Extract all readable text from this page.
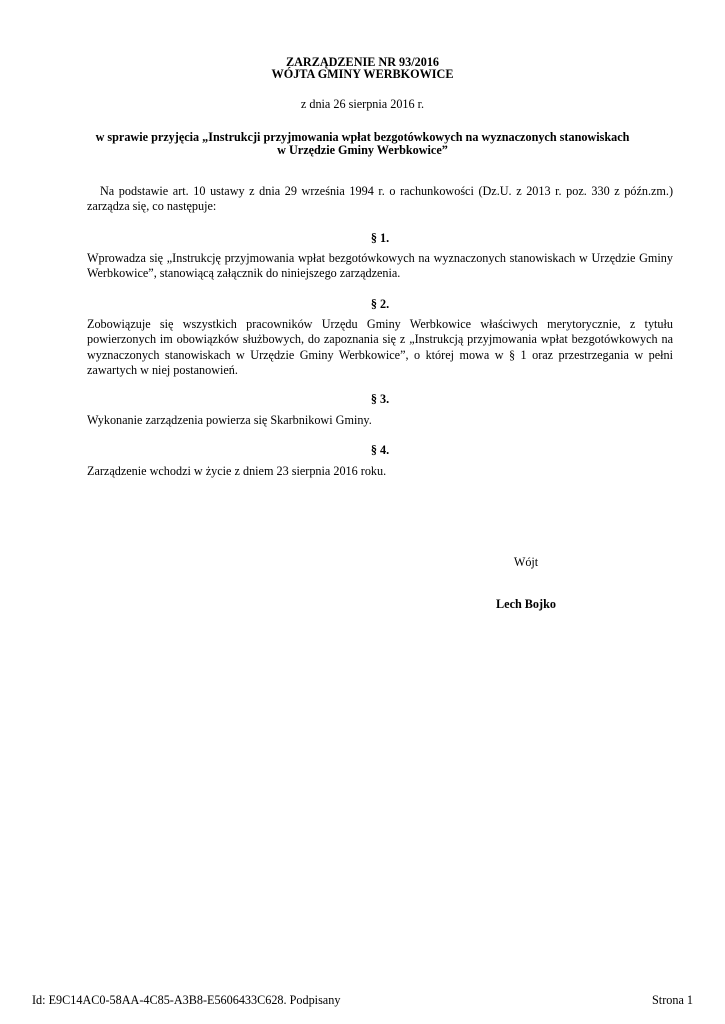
ZARZĄDZENIE NR 93/2016
WÓJTA GMINY WERBKOWICE
z dnia 26 sierpnia 2016 r.
w sprawie przyjęcia „Instrukcji przyjmowania wpłat bezgotówkowych na wyznaczonych stanowiskach
w Urzędzie Gminy Werbkowice”
Na podstawie art. 10 ustawy z dnia 29 września 1994 r. o rachunkowości (Dz.U. z 2013 r. poz. 330 z późn.zm.) zarządza się, co następuje:
§ 1.
Wprowadza się „Instrukcję przyjmowania wpłat bezgotówkowych na wyznaczonych stanowiskach w Urzędzie Gminy Werbkowice”, stanowiącą załącznik do niniejszego zarządzenia.
§ 2.
Zobowiązuje się wszystkich pracowników Urzędu Gminy Werbkowice właściwych merytorycznie, z tytułu powierzonych im obowiązków służbowych, do zapoznania się z „Instrukcją przyjmowania wpłat bezgotówkowych na wyznaczonych stanowiskach w Urzędzie Gminy Werbkowice”, o której mowa w § 1 oraz przestrzegania w pełni zawartych w niej postanowień.
§ 3.
Wykonanie zarządzenia powierza się Skarbnikowi Gminy.
§ 4.
Zarządzenie wchodzi w życie z dniem 23 sierpnia 2016 roku.
Wójt
Lech Bojko
Id: E9C14AC0-58AA-4C85-A3B8-E5606433C628. Podpisany	Strona 1
